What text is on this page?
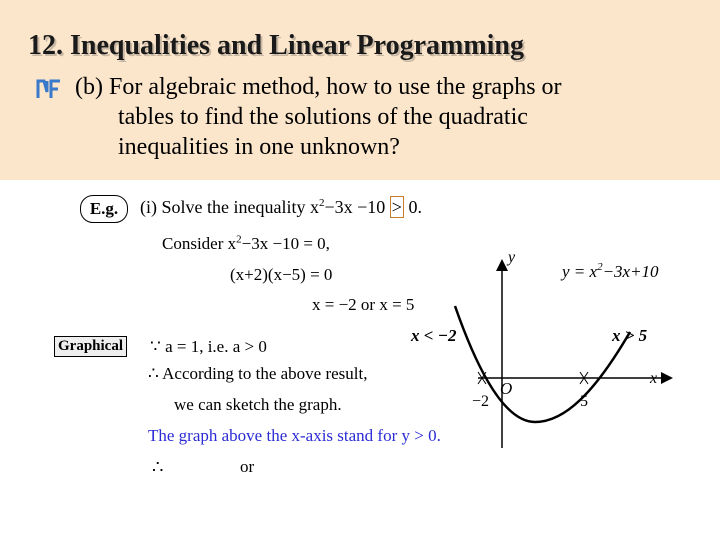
12. Inequalities and Linear Programming
(b) For algebraic method, how to use the graphs or
tables to find the solutions of the quadratic
inequalities in one unknown?
E.g.	(i) Solve the inequality $x^2-3x -10 > 0$.
Consider $x^2-3x -10 = 0$,
(x+2)(x−5) = 0
x = −2 or x = 5
Graphical ∵ a = 1, i.e. a > 0
∴ According to the above result,
we can sketch the graph.
The graph above the x-axis stand for y > 0.
∴	or
y
x
O
−2	5
$y = x^2-3x+10$
x < −2	x > 5
